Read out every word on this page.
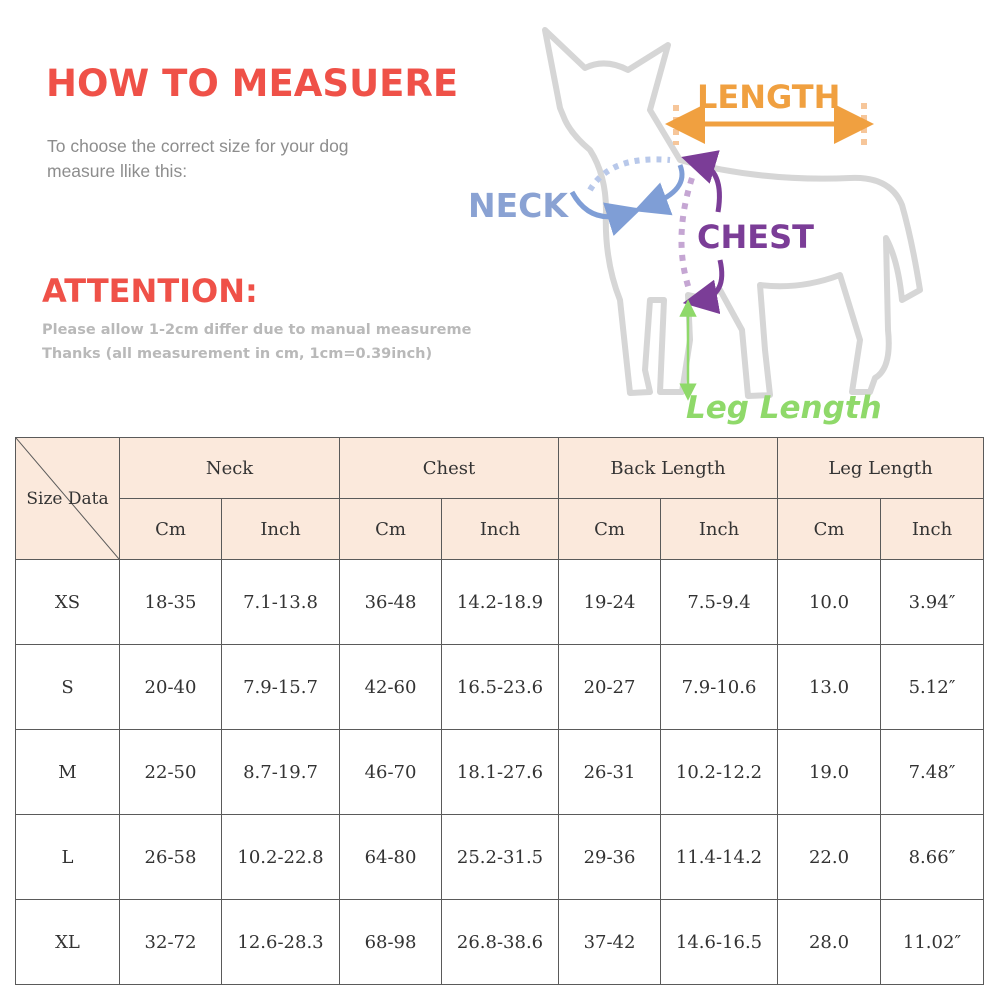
HOW TO MEASUERE
To choose the correct size for your dog
measure llike this:
ATTENTION:
Please allow 1-2cm differ due to manual measureme
Thanks (all measurement in cm, 1cm=0.39inch)
LENGTH
NECK
CHEST
Leg Length
Size Data	Neck		Chest		Back Length		Leg Length	
	Cm	Inch	Cm	Inch	Cm	Inch	Cm	Inch
XS	18-35	7.1-13.8	36-48	14.2-18.9	19-24	7.5-9.4	10.0	3.94″
S	20-40	7.9-15.7	42-60	16.5-23.6	20-27	7.9-10.6	13.0	5.12″
M	22-50	8.7-19.7	46-70	18.1-27.6	26-31	10.2-12.2	19.0	7.48″
L	26-58	10.2-22.8	64-80	25.2-31.5	29-36	11.4-14.2	22.0	8.66″
XL	32-72	12.6-28.3	68-98	26.8-38.6	37-42	14.6-16.5	28.0	11.02″
